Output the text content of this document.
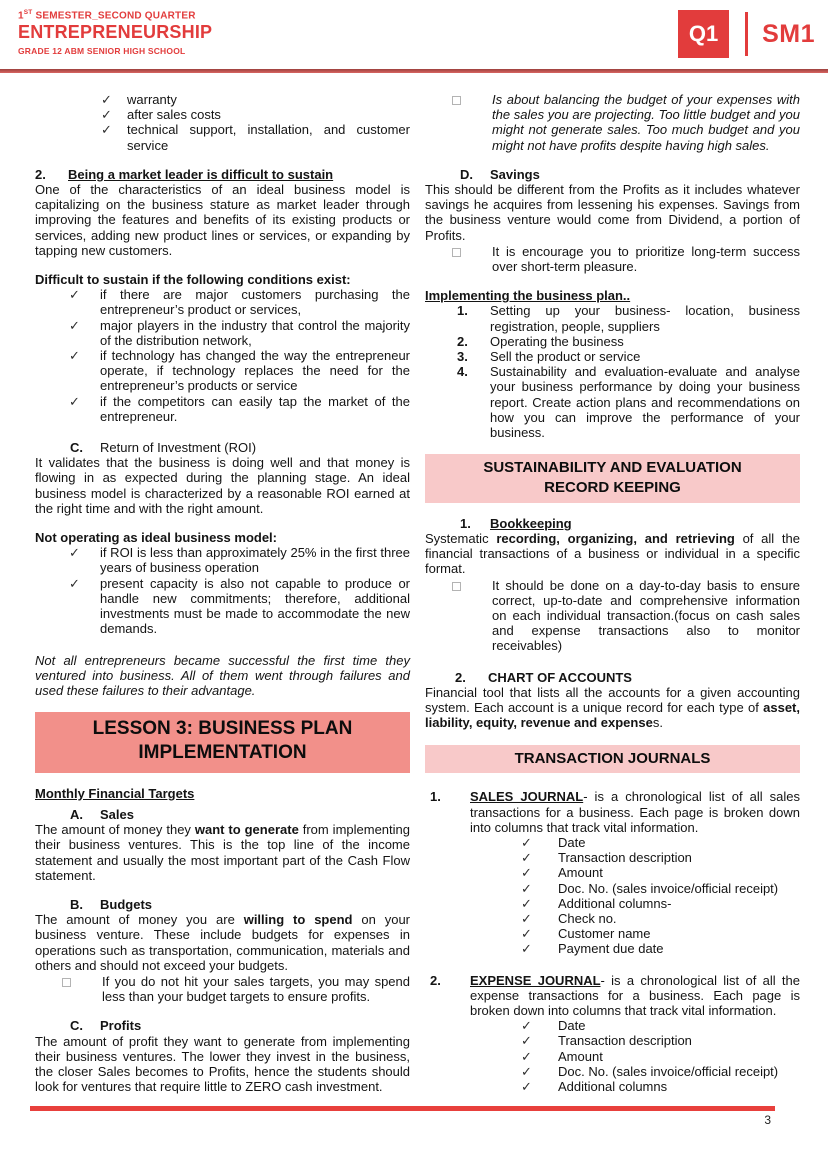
1ST SEMESTER_SECOND QUARTER
ENTREPRENEURSHIP
GRADE 12 ABM SENIOR HIGH SCHOOL
Q1	SM1
✓	warranty
✓	after sales costs
✓	technical support, installation, and customer service
2.	Being a market leader is difficult to sustain

One of the characteristics of an ideal business model is capitalizing on the business stature as market leader through improving the features and benefits of its existing products or services, adding new product lines or services, or expanding by tapping new customers.

Difficult to sustain if the following conditions exist:
✓	if there are major customers purchasing the entrepreneur’s product or services,
✓	major players in the industry that control the majority of the distribution network,
✓	if technology has changed the way the entrepreneur operate, if technology replaces the need for the entrepreneur’s products or service
✓	if the competitors can easily tap the market of the entrepreneur.
C.	Return of Investment (ROI)

It validates that the business is doing well and that money is flowing in as expected during the planning stage. An ideal business model is characterized by a reasonable ROI earned at the right time and with the right amount.

Not operating as ideal business model:
✓	if ROI is less than approximately 25% in the first three years of business operation
✓	present capacity is also not capable to produce or handle new commitments; therefore, additional investments must be made to accommodate the new demands.

Not all entrepreneurs became successful the first time they ventured into business. All of them went through failures and used these failures to their advantage.

LESSON 3: BUSINESS PLAN
IMPLEMENTATION
Monthly Financial Targets
A.	Sales

The amount of money they want to generate from implementing their business ventures. This is the top line of the income statement and usually the most important part of the Cash Flow statement.

B.	Budgets

The amount of money you are willing to spend on your business venture. These include budgets for expenses in operations such as transportation, communication, materials and others and should not exceed your budgets.

If you do not hit your sales targets, you may spend less than your budget targets to ensure profits.
C.	Profits

The amount of profit they want to generate from implementing their business ventures. The lower they invest in the business, the closer Sales becomes to Profits, hence the students should look for ventures that require little to ZERO cash investment.

Is about balancing the budget of your expenses with the sales you are projecting. Too little budget and you might not generate sales. Too much budget and you might not have profits despite having high sales.
D.	Savings

This should be different from the Profits as it includes whatever savings he acquires from lessening his expenses. Savings from the business venture would come from Dividend, a portion of Profits.

It is encourage you to prioritize long-term success over short-term pleasure.
Implementing the business plan..
1.	Setting up your business- location, business registration, people, suppliers
2.	Operating the business
3.	Sell the product or service
4.	Sustainability and evaluation-evaluate and analyse your business performance by doing your business report. Create action plans and recommendations on how you can improve the performance of your business.
SUSTAINABILITY AND EVALUATION
RECORD KEEPING
1.	Bookkeeping

Systematic recording, organizing, and retrieving of all the financial transactions of a business or individual in a specific format.

It should be done on a day-to-day basis to ensure correct, up-to-date and comprehensive information on each individual transaction.(focus on cash sales and expense transactions also to monitor receivables)
2.	CHART OF ACCOUNTS

Financial tool that lists all the accounts for a given accounting system. Each account is a unique record for each type of asset, liability, equity, revenue and expenses.

TRANSACTION JOURNALS
1.	SALES JOURNAL- is a chronological list of all sales transactions for a business. Each page is broken down into columns that track vital information.
✓	Date
✓	Transaction description
✓	Amount
✓	Doc. No. (sales invoice/official receipt)
✓	Additional columns-
✓	Check no.
✓	Customer name
✓	Payment due date
2.	EXPENSE JOURNAL- is a chronological list of all the expense transactions for a business. Each page is broken down into columns that track vital information.
✓	Date
✓	Transaction description
✓	Amount
✓	Doc. No. (sales invoice/official receipt)
✓	Additional columns
3
